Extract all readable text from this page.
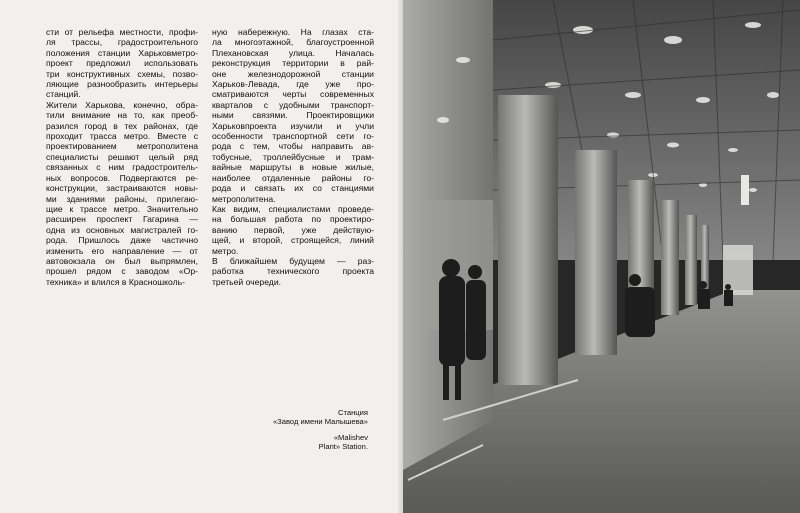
сти от рельефа местности, профи-
ля трассы, градостроительного
положения станции Харьковметро-
проект предложил использовать
три конструктивных схемы, позво-
ляющие разнообразить интерьеры
станций.
Жители Харькова, конечно, обра-
тили внимание на то, как преоб-
разился город в тех районах, где
проходит трасса метро. Вместе с
проектированием метрополитена
специалисты решают целый ряд
связанных с ним градостроитель-
ных вопросов. Подвергаются ре-
конструкции, застраиваются новы-
ми зданиями районы, прилегаю-
щие к трассе метро. Значительно
расширен проспект Гагарина —
одна из основных магистралей го-
рода. Пришлось даже частично
изменить его направление — от
автовокзала он был выпрямлен,
прошел рядом с заводом «Ор-
техника» и влился в Красношколь-
ную набережную. На глазах ста-
ла многоэтажной, благоустроенной
Плехановская улица. Началась
реконструкция территории в рай-
оне железнодорожной станции
Харьков-Левада, где уже про-
сматриваются черты современных
кварталов с удобными транспорт-
ными связями. Проектировщики
Харьковпроекта изучили и учли
особенности транспортной сети го-
рода с тем, чтобы направить ав-
тобусные, троллейбусные и трам-
вайные маршруты в новые жилые,
наиболее отдаленные районы го-
рода и связать их со станциями
метрополитена.
Как видим, специалистами проведе-
на большая работа по проектиро-
ванию первой, уже действую-
щей, и второй, строящейся, линий
метро.
В ближайшем будущем — раз-
работка технического проекта
третьей очереди.
Станция
«Завод имени Малышева»
«Malishev
Plant» Station.
